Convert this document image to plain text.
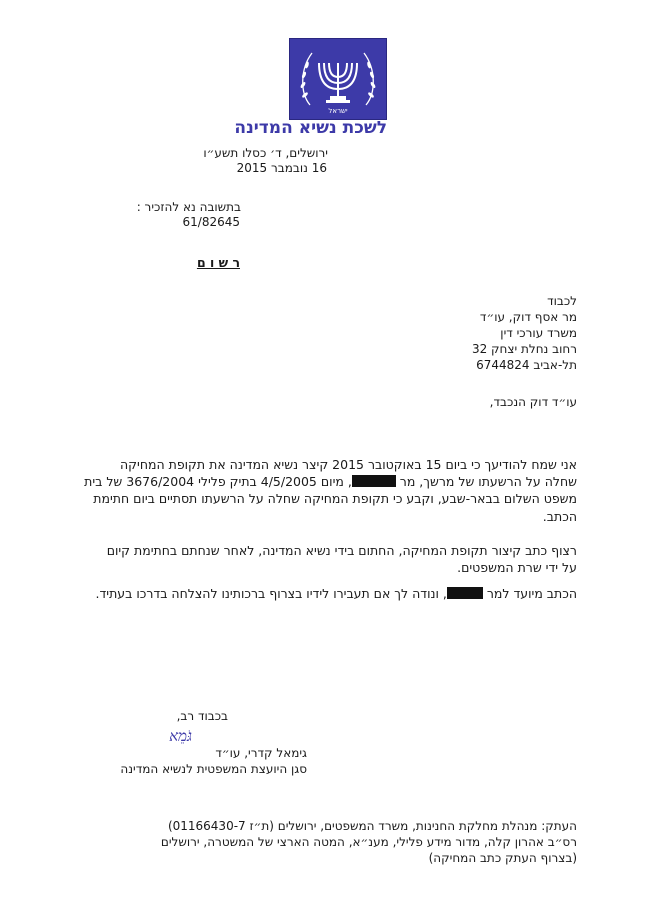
ישראל
לשכת נשיא המדינה
ירושלים, ד׳ כסלו תשע״ו
16 נובמבר 2015
בתשובה נא להזכיר :
61/82645
ר ש ו ם
לכבוד
מר אסף דוק, עו״ד
משרד עורכי דין
רחוב נחלת יצחק 32
תל-אביב 6744824
עו״ד דוק הנכבד,
אני שמח להודיעך כי ביום 15 באוקטובר 2015 קיצר נשיא המדינה את תקופת המחיקה
שחלה על הרשעתו של מרשך, מר , מיום 4/5/2005 בתיק פלילי 3676/2004 של בית
משפט השלום בבאר-שבע, וקבע כי תקופת המחיקה שחלה על הרשעתו תסתיים ביום חתימת
הכתב.
רצוף כתב קיצור תקופת המחיקה, החתום בידי נשיא המדינה, לאחר שנחתם בחתימת קיום
על ידי שרת המשפטים.
הכתב מיועד למר , ונודה לך אם תעבירו לידיו בצרוף ברכותינו להצלחה בדרכו בעתיד.
בכבוד רב,
גֹּמֵא
גימאל קדרי, עו״ד
סגן היועצת המשפטית לנשיא המדינה
העתק: מנהלת מחלקת החנינות, משרד המשפטים, ירושלים (ת״ז 01166430-7)
רס״ב אהרון קלה, מדור מידע פלילי, מענ״א, המטה הארצי של המשטרה, ירושלים
(בצרוף העתק כתב המחיקה)
